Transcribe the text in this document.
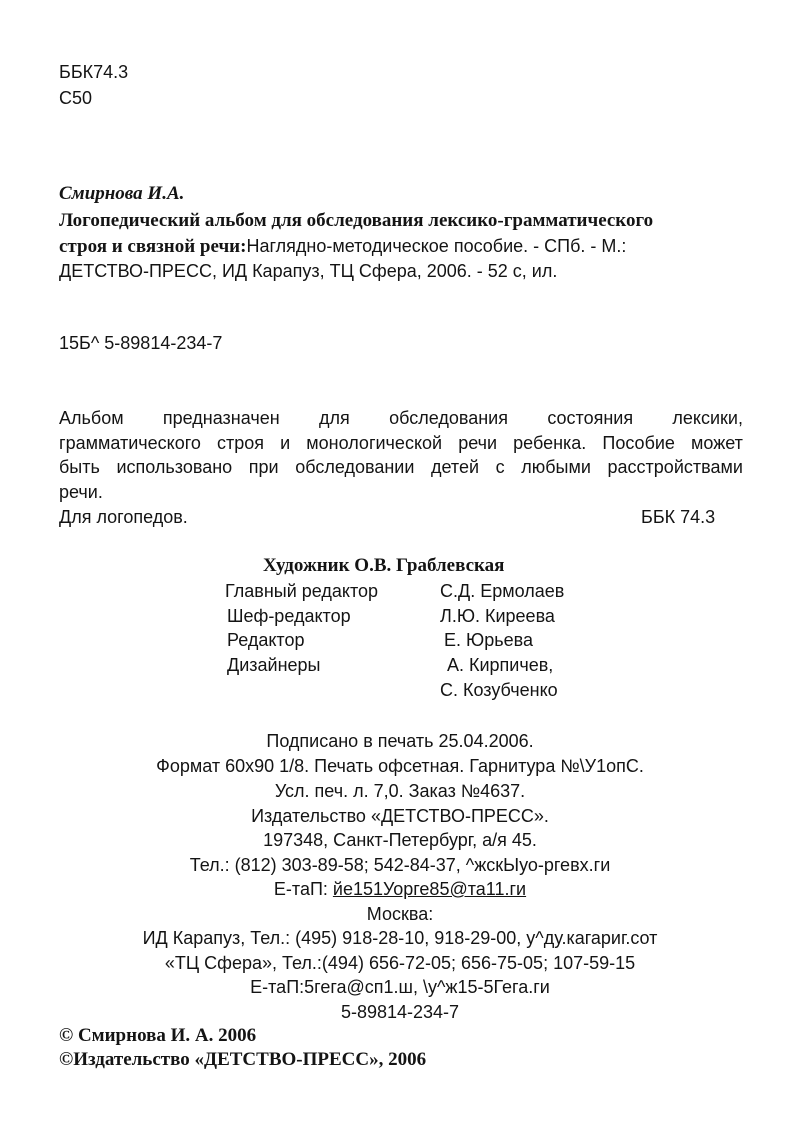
ББК74.3
С50
Смирнова И.А.
Логопедический альбом для обследования лексико-грамматического
строя и связной речи:Наглядно-методическое пособие. - СПб. - М.:
ДЕТСТВО-ПРЕСС, ИД Карапуз, ТЦ Сфера, 2006. - 52 с, ил.
15Б^ 5-89814-234-7
Альбом предназначен для обследования состояния лексики,
грамматического строя и монологической речи ребенка. Пособие может
быть использовано при обследовании детей с любыми расстройствами
речи.
Для логопедов.	ББК 74.3
Художник О.В. Граблевская
Главный редактор	С.Д. Ермолаев
Шеф-редактор	Л.Ю. Киреева
Редактор	Е. Юрьева
Дизайнеры	А. Кирпичев,
С. Козубченко
Подписано в печать 25.04.2006.
Формат 60x90 1/8. Печать офсетная. Гарнитура №\У1опС.
Усл. печ. л. 7,0. Заказ №4637.
Издательство «ДЕТСТВО-ПРЕСС».
197348, Санкт-Петербург, а/я 45.
Тел.: (812) 303-89-58; 542-84-37, ^жскЫуо-ргевх.ги
Е-таП: йе151Уорге85@та11.ги
Москва:
ИД Карапуз, Тел.: (495) 918-28-10, 918-29-00, у^ду.кагариг.сот
«ТЦ Сфера», Тел.:(494) 656-72-05; 656-75-05; 107-59-15
Е-таП:5гега@сп1.ш, \у^ж15-5Гега.ги
5-89814-234-7
© Смирнова И. А. 2006
©Издательство «ДЕТСТВО-ПРЕСС», 2006
